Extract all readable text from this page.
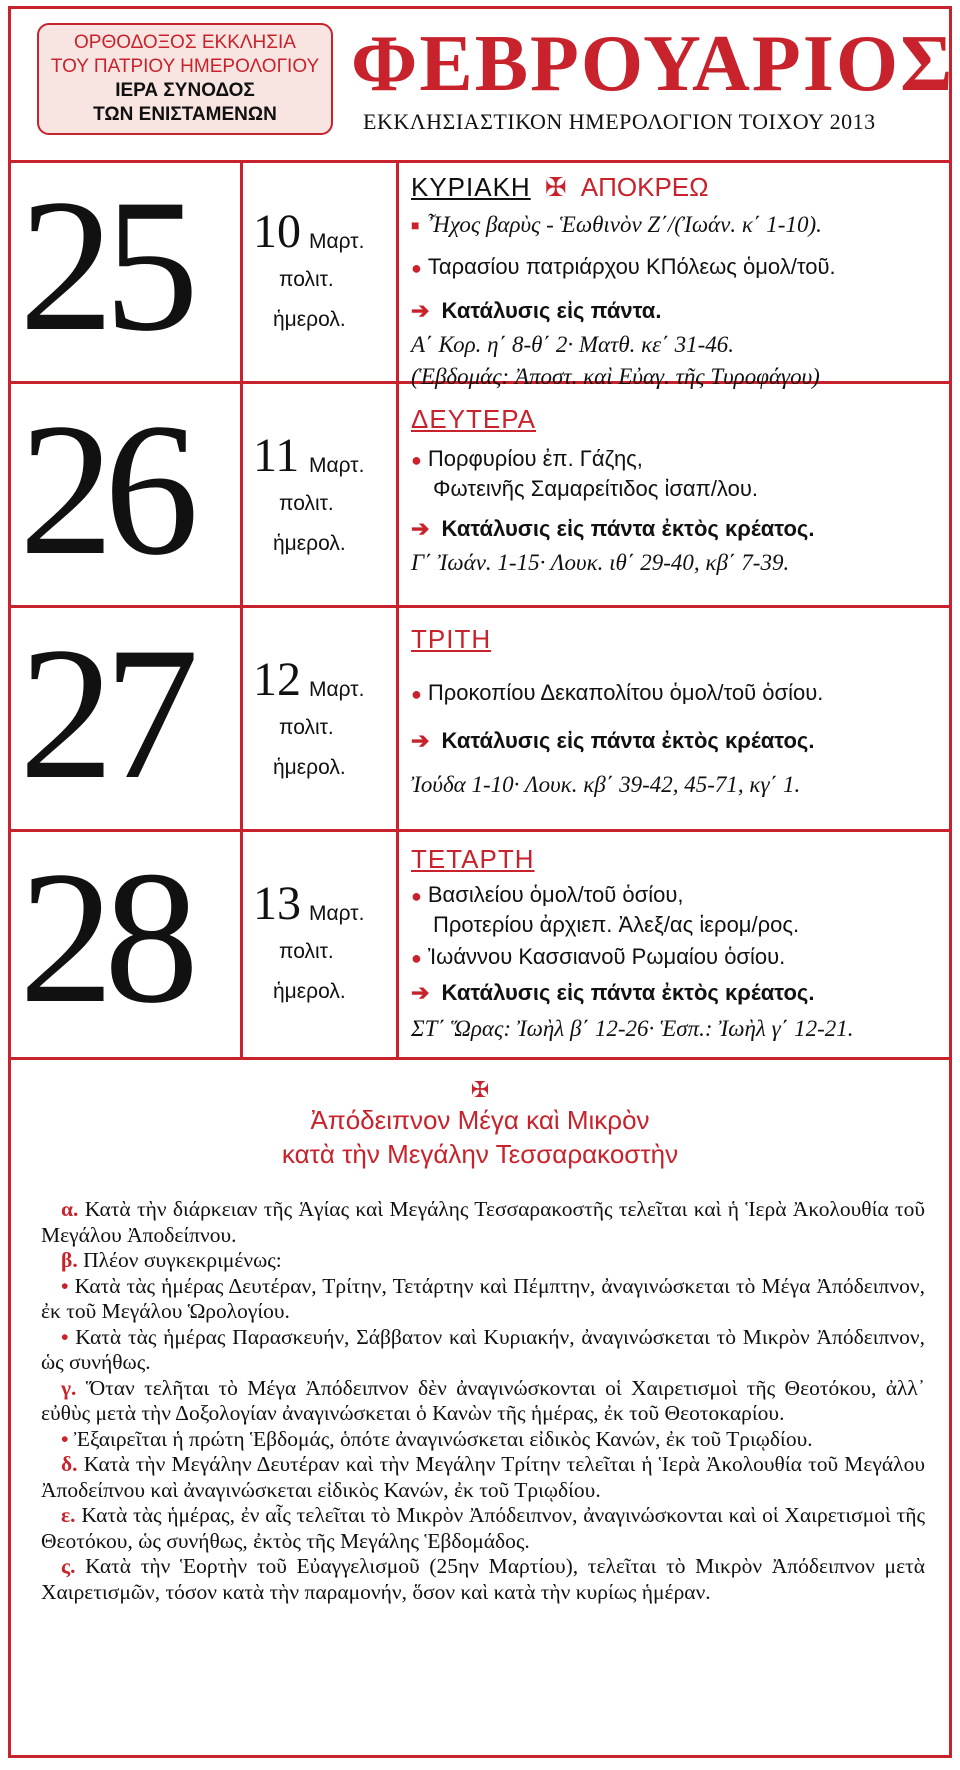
ΟΡΘΟΔΟΞΟΣ ΕΚΚΛΗΣΙΑ
ΤΟΥ ΠΑΤΡΙΟΥ ΗΜΕΡΟΛΟΓΙΟΥ
ΙΕΡΑ ΣΥΝΟΔΟΣ
ΤΩΝ ΕΝΙΣΤΑΜΕΝΩΝ
ΦΕΒΡΟΥΑΡΙΟΣ
ΕΚΚΛΗΣΙΑΣΤΙΚΟΝ ΗΜΕΡΟΛΟΓΙΟΝ ΤΟΙΧΟΥ 2013
25 10 Μαρτ.
πολιτ.
ἡμερολ.
ΚΥΡΙΑΚΗ ✠ ΑΠΟΚΡΕΩ
■ Ἦχος βαρὺς - Ἑωθινὸν Ζ΄/(Ἰωάν. κ΄ 1-10).
● Ταρασίου πατριάρχου ΚΠόλεως ὁμολ/τοῦ.
➔ Κατάλυσις εἰς πάντα.
Α΄ Κορ. η΄ 8-θ΄ 2· Ματθ. κε΄ 31-46.
(Ἑβδομάς: Ἀποστ. καὶ Εὐαγ. τῆς Τυροφάγου)
26 11 Μαρτ.
πολιτ.
ἡμερολ.
ΔΕΥΤΕΡΑ
● Πορφυρίου ἐπ. Γάζης,
Φωτεινῆς Σαμαρείτιδος ἰσαπ/λου.
➔ Κατάλυσις εἰς πάντα ἐκτὸς κρέατος.
Γ΄ Ἰωάν. 1-15· Λουκ. ιθ΄ 29-40, κβ΄ 7-39.
27 12 Μαρτ.
πολιτ.
ἡμερολ.
ΤΡΙΤΗ
● Προκοπίου Δεκαπολίτου ὁμολ/τοῦ ὁσίου.
➔ Κατάλυσις εἰς πάντα ἐκτὸς κρέατος.
Ἰούδα 1-10· Λουκ. κβ΄ 39-42, 45-71, κγ΄ 1.
28 13 Μαρτ.
πολιτ.
ἡμερολ.
ΤΕΤΑΡΤΗ
● Βασιλείου ὁμολ/τοῦ ὁσίου,
Προτερίου ἀρχιεπ. Ἀλεξ/ας ἱερομ/ρος.
● Ἰωάννου Κασσιανοῦ Ρωμαίου ὁσίου.
➔ Κατάλυσις εἰς πάντα ἐκτὸς κρέατος.
ΣΤ΄ Ὥρας: Ἰωὴλ β΄ 12-26· Ἑσπ.: Ἰωὴλ γ΄ 12-21.
✠
Ἀπόδειπνον Μέγα καὶ Μικρὸν
κατὰ τὴν Μεγάλην Τεσσαρακοστὴν

α. Κατὰ τὴν διάρκειαν τῆς Ἁγίας καὶ Μεγάλης Τεσσαρακοστῆς τελεῖται καὶ ἡ Ἱερὰ Ἀκολουθία τοῦ Μεγάλου Ἀποδείπνου.

β. Πλέον συγκεκριμένως:

• Κατὰ τὰς ἡμέρας Δευτέραν, Τρίτην, Τετάρτην καὶ Πέμπτην, ἀναγινώσκεται τὸ Μέγα Ἀπόδειπνον, ἐκ τοῦ Μεγάλου Ὡρολογίου.

• Κατὰ τὰς ἡμέρας Παρασκευήν, Σάββατον καὶ Κυριακήν, ἀναγινώσκεται τὸ Μικρὸν Ἀπόδειπνον, ὡς συνήθως.

γ. Ὅταν τελῆται τὸ Μέγα Ἀπόδειπνον δὲν ἀναγινώσκονται οἱ Χαιρετισμοὶ τῆς Θεοτόκου, ἀλλ᾿ εὐθὺς μετὰ τὴν Δοξολογίαν ἀναγινώσκεται ὁ Κανὼν τῆς ἡμέρας, ἐκ τοῦ Θεοτοκαρίου.

• Ἐξαιρεῖται ἡ πρώτη Ἑβδομάς, ὁπότε ἀναγινώσκεται εἰδικὸς Κανών, ἐκ τοῦ Τριῳδίου.

δ. Κατὰ τὴν Μεγάλην Δευτέραν καὶ τὴν Μεγάλην Τρίτην τελεῖται ἡ Ἱερὰ Ἀκολουθία τοῦ Μεγάλου Ἀποδείπνου καὶ ἀναγινώσκεται εἰδικὸς Κανών, ἐκ τοῦ Τριῳδίου.

ε. Κατὰ τὰς ἡμέρας, ἐν αἷς τελεῖται τὸ Μικρὸν Ἀπόδειπνον, ἀναγινώσκονται καὶ οἱ Χαιρετισμοὶ τῆς Θεοτόκου, ὡς συνήθως, ἐκτὸς τῆς Μεγάλης Ἑβδομάδος.

ς. Κατὰ τὴν Ἑορτὴν τοῦ Εὐαγγελισμοῦ (25ην Μαρτίου), τελεῖται τὸ Μικρὸν Ἀπόδειπνον μετὰ Χαιρετισμῶν, τόσον κατὰ τὴν παραμονήν, ὅσον καὶ κατὰ τὴν κυρίως ἡμέραν.
